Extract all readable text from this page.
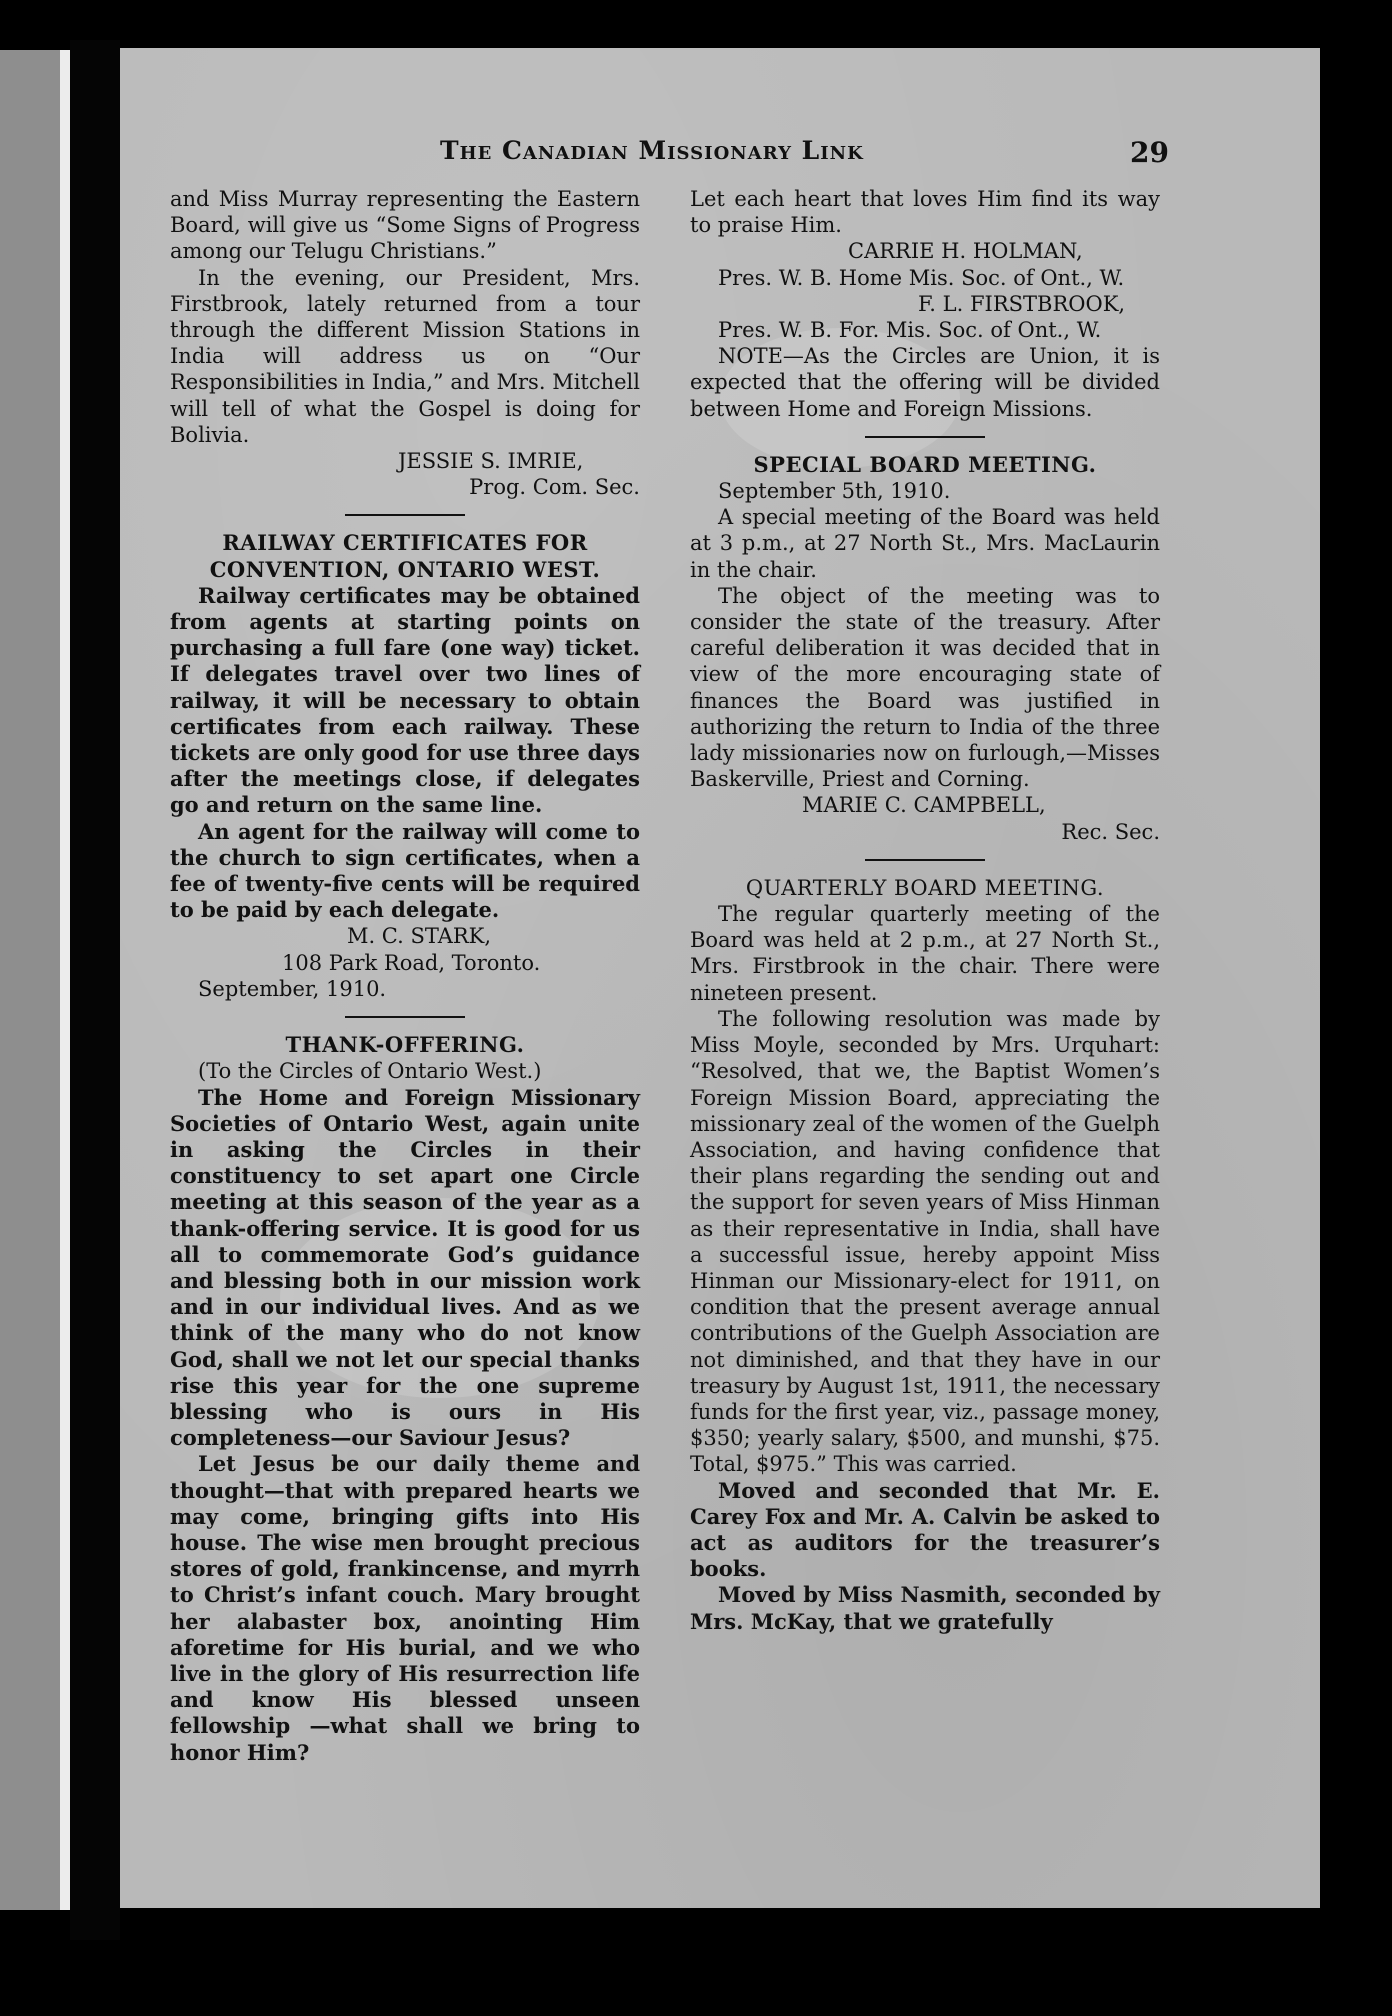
The Canadian Missionary Link	29

and Miss Murray representing the Eastern Board, will give us “Some Signs of Progress among our Telugu Christians.”

In the evening, our President, Mrs. Firstbrook, lately returned from a tour through the different Mission Stations in India will address us on “Our Responsibilities in India,” and Mrs. Mitchell will tell of what the Gospel is doing for Bolivia.

JESSIE S. IMRIE,

Prog. Com. Sec.

RAILWAY CERTIFICATES FOR CONVENTION, ONTARIO WEST.

Railway certificates may be obtained from agents at starting points on purchasing a full fare (one way) ticket. If delegates travel over two lines of railway, it will be necessary to obtain certificates from each railway. These tickets are only good for use three days after the meetings close, if delegates go and return on the same line.

An agent for the railway will come to the church to sign certificates, when a fee of twenty-five cents will be required to be paid by each delegate.

M. C. STARK,

108 Park Road, Toronto.

September, 1910.

THANK-OFFERING.

(To the Circles of Ontario West.)

The Home and Foreign Missionary Societies of Ontario West, again unite in asking the Circles in their constituency to set apart one Circle meeting at this season of the year as a thank-offering service. It is good for us all to commemorate God’s guidance and blessing both in our mission work and in our individual lives. And as we think of the many who do not know God, shall we not let our special thanks rise this year for the one supreme blessing who is ours in His completeness—our Saviour Jesus?

Let Jesus be our daily theme and thought—that with prepared hearts we may come, bringing gifts into His house. The wise men brought precious stores of gold, frankincense, and myrrh to Christ’s infant couch. Mary brought her alabaster box, anointing Him aforetime for His burial, and we who live in the glory of His resurrection life and know His blessed unseen fellowship —what shall we bring to honor Him?

Let each heart that loves Him find its way to praise Him.

CARRIE H. HOLMAN,

Pres. W. B. Home Mis. Soc. of Ont., W.

F. L. FIRSTBROOK,

Pres. W. B. For. Mis. Soc. of Ont., W.

NOTE—As the Circles are Union, it is expected that the offering will be divided between Home and Foreign Missions.

SPECIAL BOARD MEETING.

September 5th, 1910.

A special meeting of the Board was held at 3 p.m., at 27 North St., Mrs. MacLaurin in the chair.

The object of the meeting was to consider the state of the treasury. After careful deliberation it was decided that in view of the more encouraging state of finances the Board was justified in authorizing the return to India of the three lady missionaries now on furlough,—Misses Baskerville, Priest and Corning.

MARIE C. CAMPBELL,

Rec. Sec.

QUARTERLY BOARD MEETING.

The regular quarterly meeting of the Board was held at 2 p.m., at 27 North St., Mrs. Firstbrook in the chair. There were nineteen present.

The following resolution was made by Miss Moyle, seconded by Mrs. Urquhart: “Resolved, that we, the Baptist Women’s Foreign Mission Board, appreciating the missionary zeal of the women of the Guelph Association, and having confidence that their plans regarding the sending out and the support for seven years of Miss Hinman as their representative in India, shall have a successful issue, hereby appoint Miss Hinman our Missionary-elect for 1911, on condition that the present average annual contributions of the Guelph Association are not diminished, and that they have in our treasury by August 1st, 1911, the necessary funds for the first year, viz., passage money, $350; yearly salary, $500, and munshi, $75. Total, $975.” This was carried.

Moved and seconded that Mr. E. Carey Fox and Mr. A. Calvin be asked to act as auditors for the treasurer’s books.

Moved by Miss Nasmith, seconded by Mrs. McKay, that we gratefully
